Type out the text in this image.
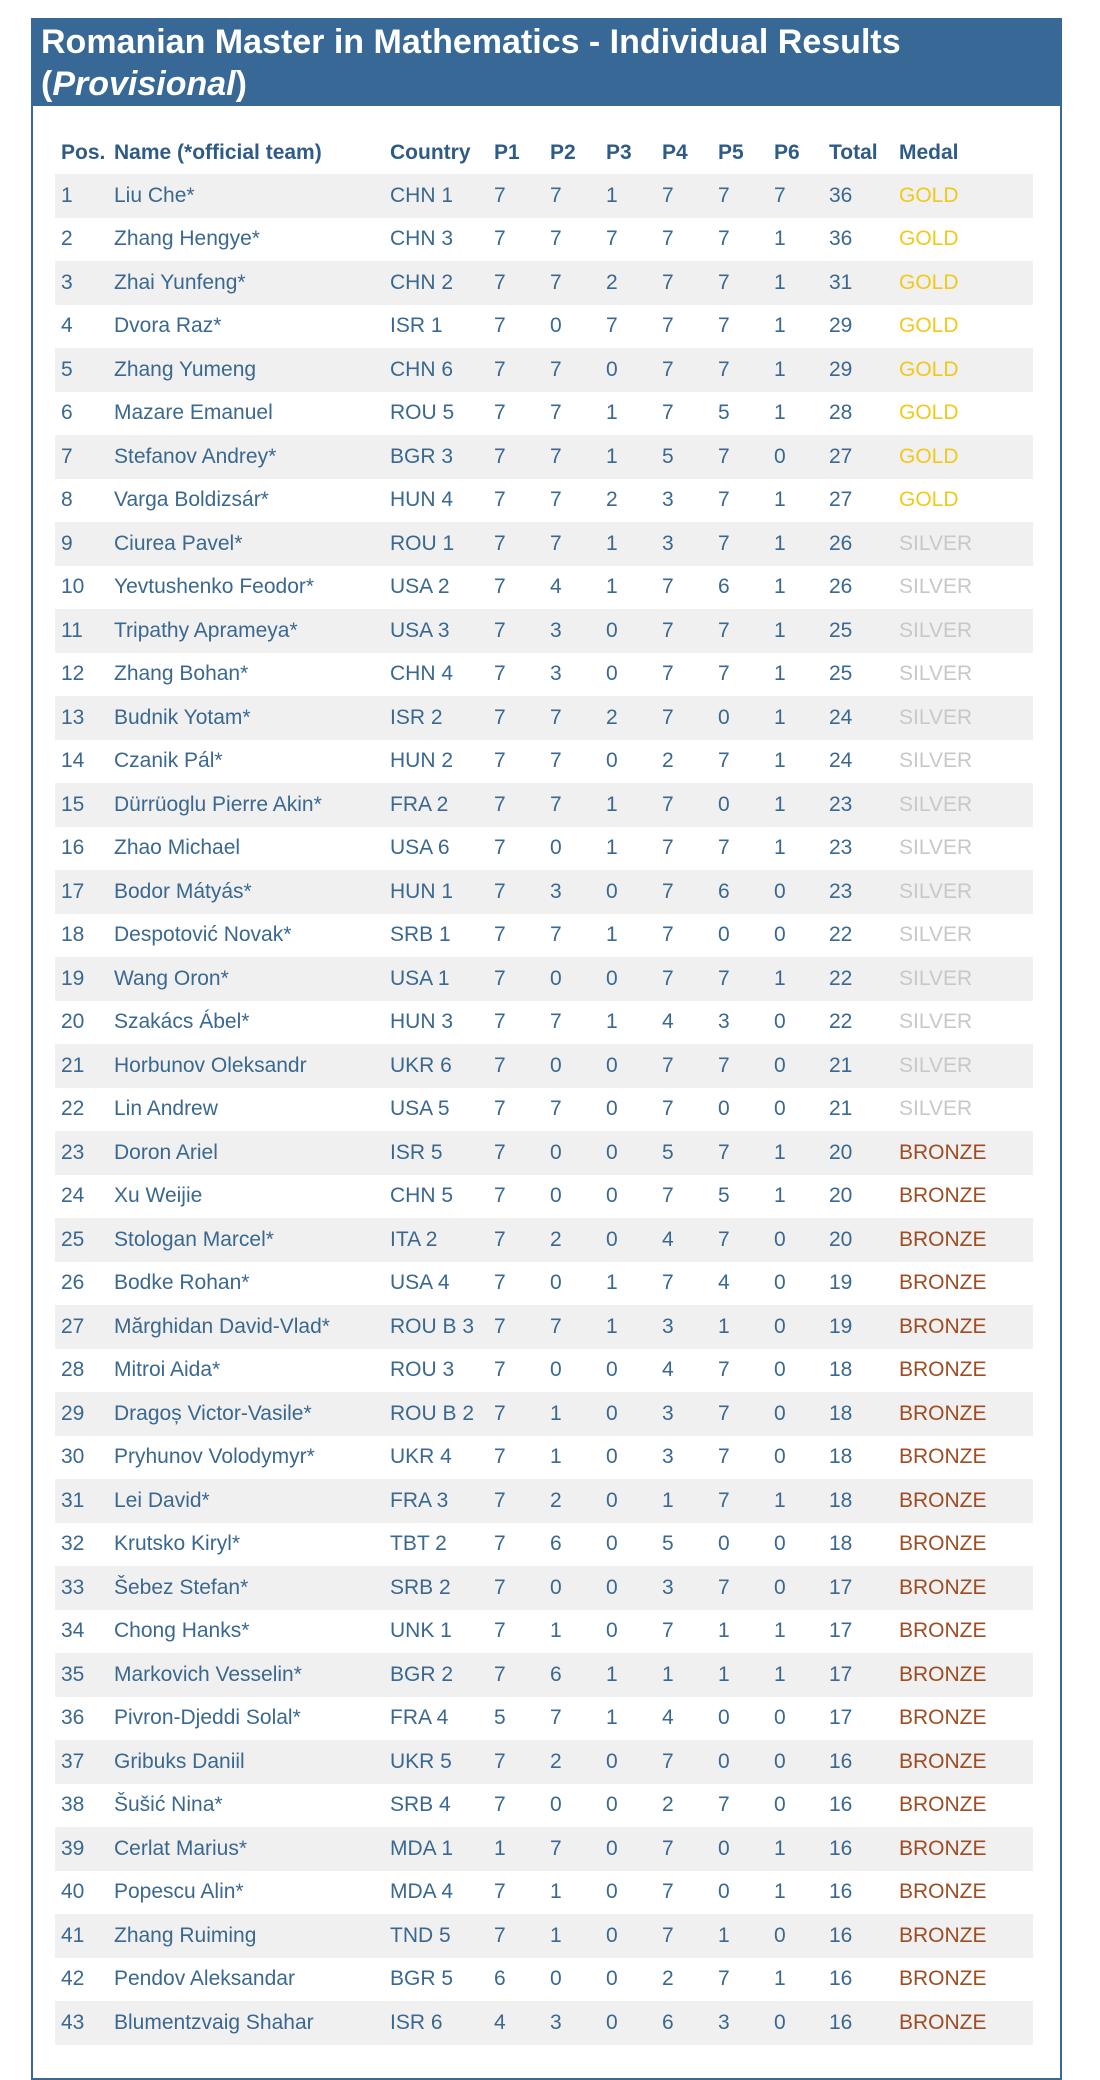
Romanian Master in Mathematics - Individual Results
(Provisional)
Pos.	Name (*official team)	Country	P1	P2	P3	P4	P5	P6	Total	Medal
1	Liu Che*	CHN 1	7	7	1	7	7	7	36	GOLD
2	Zhang Hengye*	CHN 3	7	7	7	7	7	1	36	GOLD
3	Zhai Yunfeng*	CHN 2	7	7	2	7	7	1	31	GOLD
4	Dvora Raz*	ISR 1	7	0	7	7	7	1	29	GOLD
5	Zhang Yumeng	CHN 6	7	7	0	7	7	1	29	GOLD
6	Mazare Emanuel	ROU 5	7	7	1	7	5	1	28	GOLD
7	Stefanov Andrey*	BGR 3	7	7	1	5	7	0	27	GOLD
8	Varga Boldizsár*	HUN 4	7	7	2	3	7	1	27	GOLD
9	Ciurea Pavel*	ROU 1	7	7	1	3	7	1	26	SILVER
10	Yevtushenko Feodor*	USA 2	7	4	1	7	6	1	26	SILVER
11	Tripathy Aprameya*	USA 3	7	3	0	7	7	1	25	SILVER
12	Zhang Bohan*	CHN 4	7	3	0	7	7	1	25	SILVER
13	Budnik Yotam*	ISR 2	7	7	2	7	0	1	24	SILVER
14	Czanik Pál*	HUN 2	7	7	0	2	7	1	24	SILVER
15	Dürrüoglu Pierre Akin*	FRA 2	7	7	1	7	0	1	23	SILVER
16	Zhao Michael	USA 6	7	0	1	7	7	1	23	SILVER
17	Bodor Mátyás*	HUN 1	7	3	0	7	6	0	23	SILVER
18	Despotović Novak*	SRB 1	7	7	1	7	0	0	22	SILVER
19	Wang Oron*	USA 1	7	0	0	7	7	1	22	SILVER
20	Szakács Ábel*	HUN 3	7	7	1	4	3	0	22	SILVER
21	Horbunov Oleksandr	UKR 6	7	0	0	7	7	0	21	SILVER
22	Lin Andrew	USA 5	7	7	0	7	0	0	21	SILVER
23	Doron Ariel	ISR 5	7	0	0	5	7	1	20	BRONZE
24	Xu Weijie	CHN 5	7	0	0	7	5	1	20	BRONZE
25	Stologan Marcel*	ITA 2	7	2	0	4	7	0	20	BRONZE
26	Bodke Rohan*	USA 4	7	0	1	7	4	0	19	BRONZE
27	Mărghidan David-Vlad*	ROU B 3	7	7	1	3	1	0	19	BRONZE
28	Mitroi Aida*	ROU 3	7	0	0	4	7	0	18	BRONZE
29	Dragoș Victor-Vasile*	ROU B 2	7	1	0	3	7	0	18	BRONZE
30	Pryhunov Volodymyr*	UKR 4	7	1	0	3	7	0	18	BRONZE
31	Lei David*	FRA 3	7	2	0	1	7	1	18	BRONZE
32	Krutsko Kiryl*	TBT 2	7	6	0	5	0	0	18	BRONZE
33	Šebez Stefan*	SRB 2	7	0	0	3	7	0	17	BRONZE
34	Chong Hanks*	UNK 1	7	1	0	7	1	1	17	BRONZE
35	Markovich Vesselin*	BGR 2	7	6	1	1	1	1	17	BRONZE
36	Pivron-Djeddi Solal*	FRA 4	5	7	1	4	0	0	17	BRONZE
37	Gribuks Daniil	UKR 5	7	2	0	7	0	0	16	BRONZE
38	Šušić Nina*	SRB 4	7	0	0	2	7	0	16	BRONZE
39	Cerlat Marius*	MDA 1	1	7	0	7	0	1	16	BRONZE
40	Popescu Alin*	MDA 4	7	1	0	7	0	1	16	BRONZE
41	Zhang Ruiming	TND 5	7	1	0	7	1	0	16	BRONZE
42	Pendov Aleksandar	BGR 5	6	0	0	2	7	1	16	BRONZE
43	Blumentzvaig Shahar	ISR 6	4	3	0	6	3	0	16	BRONZE
